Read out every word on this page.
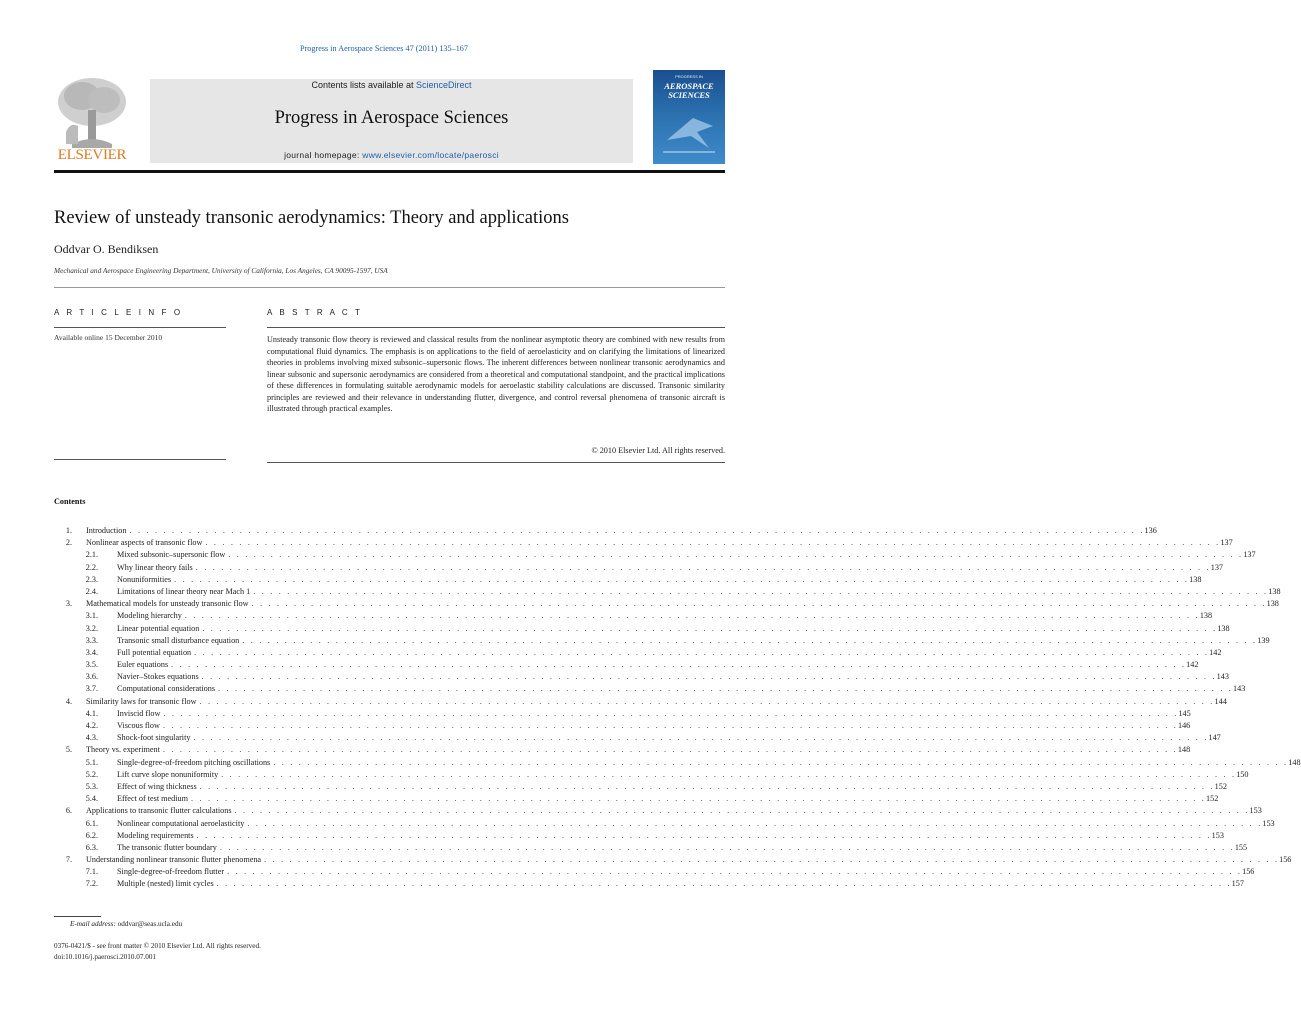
Progress in Aerospace Sciences 47 (2011) 135–167
Contents lists available at ScienceDirect
Progress in Aerospace Sciences
journal homepage: www.elsevier.com/locate/paerosci
ELSEVIER
PROGRESS IN
AEROSPACE SCIENCES
Review of unsteady transonic aerodynamics: Theory and applications
Oddvar O. Bendiksen
Mechanical and Aerospace Engineering Department, University of California, Los Angeles, CA 90095-1597, USA
A R T I C L E I N F O
Available online 15 December 2010
A B S T R A C T
Unsteady transonic flow theory is reviewed and classical results from the nonlinear asymptotic theory are combined with new results from computational fluid dynamics. The emphasis is on applications to the field of aeroelasticity and on clarifying the limitations of linearized theories in problems involving mixed subsonic–supersonic flows. The inherent differences between nonlinear transonic aerodynamics and linear subsonic and supersonic aerodynamics are considered from a theoretical and computational standpoint, and the practical implications of these differences in formulating suitable aerodynamic models for aeroelastic stability calculations are discussed. Transonic similarity principles are reviewed and their relevance in understanding flutter, divergence, and control reversal phenomena of transonic aircraft is illustrated through practical examples.
© 2010 Elsevier Ltd. All rights reserved.
Contents
1. Introduction . . . . . . . . . . . . . . . . . . . . . . . . . . . . . . . . . . . . . . . . . . . . . . . . . . . . . . . . . . . . . . . . . . . . . . . . . . . . . . . . . . . . . . . . . . . . . . . . . . . . . . . . . . . . . . . . . . . . . . . . 136
2. Nonlinear aspects of transonic flow . . . . . . . . . . . . . . . . . . . . . . . . . . . . . . . . . . . . . . . . . . . . . . . . . . . . . . . . . . . . . . . . . . . . . . . . . . . . . . . . . . . . . . . . . . . . . . . . . . . . . . . . . . . . . . . . . . . . . . . . 137
2.1. Mixed subsonic–supersonic flow . . . . . . . . . . . . . . . . . . . . . . . . . . . . . . . . . . . . . . . . . . . . . . . . . . . . . . . . . . . . . . . . . . . . . . . . . . . . . . . . . . . . . . . . . . . . . . . . . . . . . . . . . . . . . . . . . . . . . . . . 137
2.2. Why linear theory fails . . . . . . . . . . . . . . . . . . . . . . . . . . . . . . . . . . . . . . . . . . . . . . . . . . . . . . . . . . . . . . . . . . . . . . . . . . . . . . . . . . . . . . . . . . . . . . . . . . . . . . . . . . . . . . . . . . . . . . . . 137
2.3. Nonuniformities . . . . . . . . . . . . . . . . . . . . . . . . . . . . . . . . . . . . . . . . . . . . . . . . . . . . . . . . . . . . . . . . . . . . . . . . . . . . . . . . . . . . . . . . . . . . . . . . . . . . . . . . . . . . . . . . . . . . . . . . 138
2.4. Limitations of linear theory near Mach 1 . . . . . . . . . . . . . . . . . . . . . . . . . . . . . . . . . . . . . . . . . . . . . . . . . . . . . . . . . . . . . . . . . . . . . . . . . . . . . . . . . . . . . . . . . . . . . . . . . . . . . . . . . . . . . . . . . . . . . . . . 138
3. Mathematical models for unsteady transonic flow . . . . . . . . . . . . . . . . . . . . . . . . . . . . . . . . . . . . . . . . . . . . . . . . . . . . . . . . . . . . . . . . . . . . . . . . . . . . . . . . . . . . . . . . . . . . . . . . . . . . . . . . . . . . . . . . . . . . . . . . 138
3.1. Modeling hierarchy . . . . . . . . . . . . . . . . . . . . . . . . . . . . . . . . . . . . . . . . . . . . . . . . . . . . . . . . . . . . . . . . . . . . . . . . . . . . . . . . . . . . . . . . . . . . . . . . . . . . . . . . . . . . . . . . . . . . . . . . 138
3.2. Linear potential equation . . . . . . . . . . . . . . . . . . . . . . . . . . . . . . . . . . . . . . . . . . . . . . . . . . . . . . . . . . . . . . . . . . . . . . . . . . . . . . . . . . . . . . . . . . . . . . . . . . . . . . . . . . . . . . . . . . . . . . . . 138
3.3. Transonic small disturbance equation . . . . . . . . . . . . . . . . . . . . . . . . . . . . . . . . . . . . . . . . . . . . . . . . . . . . . . . . . . . . . . . . . . . . . . . . . . . . . . . . . . . . . . . . . . . . . . . . . . . . . . . . . . . . . . . . . . . . . . . . 139
3.4. Full potential equation . . . . . . . . . . . . . . . . . . . . . . . . . . . . . . . . . . . . . . . . . . . . . . . . . . . . . . . . . . . . . . . . . . . . . . . . . . . . . . . . . . . . . . . . . . . . . . . . . . . . . . . . . . . . . . . . . . . . . . . . 142
3.5. Euler equations . . . . . . . . . . . . . . . . . . . . . . . . . . . . . . . . . . . . . . . . . . . . . . . . . . . . . . . . . . . . . . . . . . . . . . . . . . . . . . . . . . . . . . . . . . . . . . . . . . . . . . . . . . . . . . . . . . . . . . . . 142
3.6. Navier–Stokes equations . . . . . . . . . . . . . . . . . . . . . . . . . . . . . . . . . . . . . . . . . . . . . . . . . . . . . . . . . . . . . . . . . . . . . . . . . . . . . . . . . . . . . . . . . . . . . . . . . . . . . . . . . . . . . . . . . . . . . . . . 143
3.7. Computational considerations . . . . . . . . . . . . . . . . . . . . . . . . . . . . . . . . . . . . . . . . . . . . . . . . . . . . . . . . . . . . . . . . . . . . . . . . . . . . . . . . . . . . . . . . . . . . . . . . . . . . . . . . . . . . . . . . . . . . . . . . 143
4. Similarity laws for transonic flow . . . . . . . . . . . . . . . . . . . . . . . . . . . . . . . . . . . . . . . . . . . . . . . . . . . . . . . . . . . . . . . . . . . . . . . . . . . . . . . . . . . . . . . . . . . . . . . . . . . . . . . . . . . . . . . . . . . . . . . . 144
4.1. Inviscid flow . . . . . . . . . . . . . . . . . . . . . . . . . . . . . . . . . . . . . . . . . . . . . . . . . . . . . . . . . . . . . . . . . . . . . . . . . . . . . . . . . . . . . . . . . . . . . . . . . . . . . . . . . . . . . . . . . . . . . . . . 145
4.2. Viscous flow . . . . . . . . . . . . . . . . . . . . . . . . . . . . . . . . . . . . . . . . . . . . . . . . . . . . . . . . . . . . . . . . . . . . . . . . . . . . . . . . . . . . . . . . . . . . . . . . . . . . . . . . . . . . . . . . . . . . . . . . 146
4.3. Shock-foot singularity . . . . . . . . . . . . . . . . . . . . . . . . . . . . . . . . . . . . . . . . . . . . . . . . . . . . . . . . . . . . . . . . . . . . . . . . . . . . . . . . . . . . . . . . . . . . . . . . . . . . . . . . . . . . . . . . . . . . . . . . 147
5. Theory vs. experiment . . . . . . . . . . . . . . . . . . . . . . . . . . . . . . . . . . . . . . . . . . . . . . . . . . . . . . . . . . . . . . . . . . . . . . . . . . . . . . . . . . . . . . . . . . . . . . . . . . . . . . . . . . . . . . . . . . . . . . . . 148
5.1. Single-degree-of-freedom pitching oscillations . . . . . . . . . . . . . . . . . . . . . . . . . . . . . . . . . . . . . . . . . . . . . . . . . . . . . . . . . . . . . . . . . . . . . . . . . . . . . . . . . . . . . . . . . . . . . . . . . . . . . . . . . . . . . . . . . . . . . . . . 148
5.2. Lift curve slope nonuniformity . . . . . . . . . . . . . . . . . . . . . . . . . . . . . . . . . . . . . . . . . . . . . . . . . . . . . . . . . . . . . . . . . . . . . . . . . . . . . . . . . . . . . . . . . . . . . . . . . . . . . . . . . . . . . . . . . . . . . . . . 150
5.3. Effect of wing thickness . . . . . . . . . . . . . . . . . . . . . . . . . . . . . . . . . . . . . . . . . . . . . . . . . . . . . . . . . . . . . . . . . . . . . . . . . . . . . . . . . . . . . . . . . . . . . . . . . . . . . . . . . . . . . . . . . . . . . . . . 152
5.4. Effect of test medium . . . . . . . . . . . . . . . . . . . . . . . . . . . . . . . . . . . . . . . . . . . . . . . . . . . . . . . . . . . . . . . . . . . . . . . . . . . . . . . . . . . . . . . . . . . . . . . . . . . . . . . . . . . . . . . . . . . . . . . . 152
6. Applications to transonic flutter calculations . . . . . . . . . . . . . . . . . . . . . . . . . . . . . . . . . . . . . . . . . . . . . . . . . . . . . . . . . . . . . . . . . . . . . . . . . . . . . . . . . . . . . . . . . . . . . . . . . . . . . . . . . . . . . . . . . . . . . . . . 153
6.1. Nonlinear computational aeroelasticity . . . . . . . . . . . . . . . . . . . . . . . . . . . . . . . . . . . . . . . . . . . . . . . . . . . . . . . . . . . . . . . . . . . . . . . . . . . . . . . . . . . . . . . . . . . . . . . . . . . . . . . . . . . . . . . . . . . . . . . . 153
6.2. Modeling requirements . . . . . . . . . . . . . . . . . . . . . . . . . . . . . . . . . . . . . . . . . . . . . . . . . . . . . . . . . . . . . . . . . . . . . . . . . . . . . . . . . . . . . . . . . . . . . . . . . . . . . . . . . . . . . . . . . . . . . . . . 153
6.3. The transonic flutter boundary . . . . . . . . . . . . . . . . . . . . . . . . . . . . . . . . . . . . . . . . . . . . . . . . . . . . . . . . . . . . . . . . . . . . . . . . . . . . . . . . . . . . . . . . . . . . . . . . . . . . . . . . . . . . . . . . . . . . . . . . 155
7. Understanding nonlinear transonic flutter phenomena . . . . . . . . . . . . . . . . . . . . . . . . . . . . . . . . . . . . . . . . . . . . . . . . . . . . . . . . . . . . . . . . . . . . . . . . . . . . . . . . . . . . . . . . . . . . . . . . . . . . . . . . . . . . . . . . . . . . . . . . 156
7.1. Single-degree-of-freedom flutter . . . . . . . . . . . . . . . . . . . . . . . . . . . . . . . . . . . . . . . . . . . . . . . . . . . . . . . . . . . . . . . . . . . . . . . . . . . . . . . . . . . . . . . . . . . . . . . . . . . . . . . . . . . . . . . . . . . . . . . . 156
7.2. Multiple (nested) limit cycles . . . . . . . . . . . . . . . . . . . . . . . . . . . . . . . . . . . . . . . . . . . . . . . . . . . . . . . . . . . . . . . . . . . . . . . . . . . . . . . . . . . . . . . . . . . . . . . . . . . . . . . . . . . . . . . . . . . . . . . . 157
E-mail address: oddvar@seas.ucla.edu
0376-0421/$ - see front matter © 2010 Elsevier Ltd. All rights reserved.
doi:10.1016/j.paerosci.2010.07.001
